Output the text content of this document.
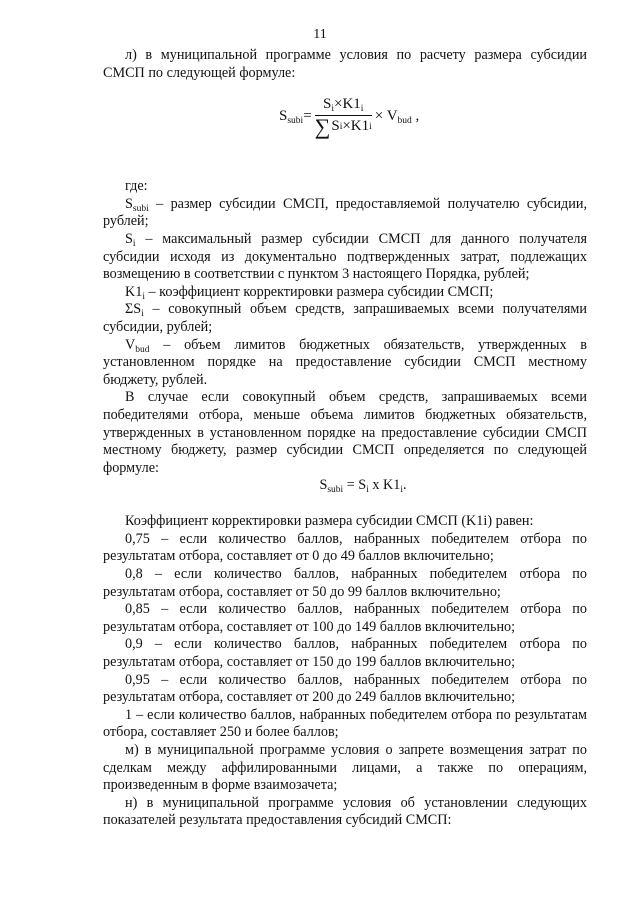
11

л) в муниципальной программе условия по расчету размера субсидии СМСП по следующей формуле:

$S_{subi} = \frac{S_i\times K1_i}{\text{∑ S i ×K1 i}} \times V_{bud}$ ,

где:

$S_{subi}$ – размер субсидии СМСП, предоставляемой получателю субсидии, рублей;

$S_i$ – максимальный размер субсидии СМСП для данного получателя субсидии исходя из документально подтвержденных затрат, подлежащих возмещению в соответствии с пунктом 3 настоящего Порядка, рублей;

$K1_i$ – коэффициент корректировки размера субсидии СМСП;

$\Sigma S_i$ – совокупный объем средств, запрашиваемых всеми получателями субсидии, рублей;

$V_{bud}$ – объем лимитов бюджетных обязательств, утвержденных в установленном порядке на предоставление субсидии СМСП местному бюджету, рублей.

В случае если совокупный объем средств, запрашиваемых всеми победителями отбора, меньше объема лимитов бюджетных обязательств, утвержденных в установленном порядке на предоставление субсидии СМСП местному бюджету, размер субсидии СМСП определяется по следующей формуле:

$S_{subi} = S_i$ x $K1_i$.

Коэффициент корректировки размера субсидии СМСП (K1i) равен:

0,75 – если количество баллов, набранных победителем отбора по результатам отбора, составляет от 0 до 49 баллов включительно;

0,8 – если количество баллов, набранных победителем отбора по результатам отбора, составляет от 50 до 99 баллов включительно;

0,85 – если количество баллов, набранных победителем отбора по результатам отбора, составляет от 100 до 149 баллов включительно;

0,9 – если количество баллов, набранных победителем отбора по результатам отбора, составляет от 150 до 199 баллов включительно;

0,95 – если количество баллов, набранных победителем отбора по результатам отбора, составляет от 200 до 249 баллов включительно;

1 – если количество баллов, набранных победителем отбора по результатам отбора, составляет 250 и более баллов;

м) в муниципальной программе условия о запрете возмещения затрат по сделкам между аффилированными лицами, а также по операциям, произведенным в форме взаимозачета;

н) в муниципальной программе условия об установлении следующих показателей результата предоставления субсидий СМСП:
